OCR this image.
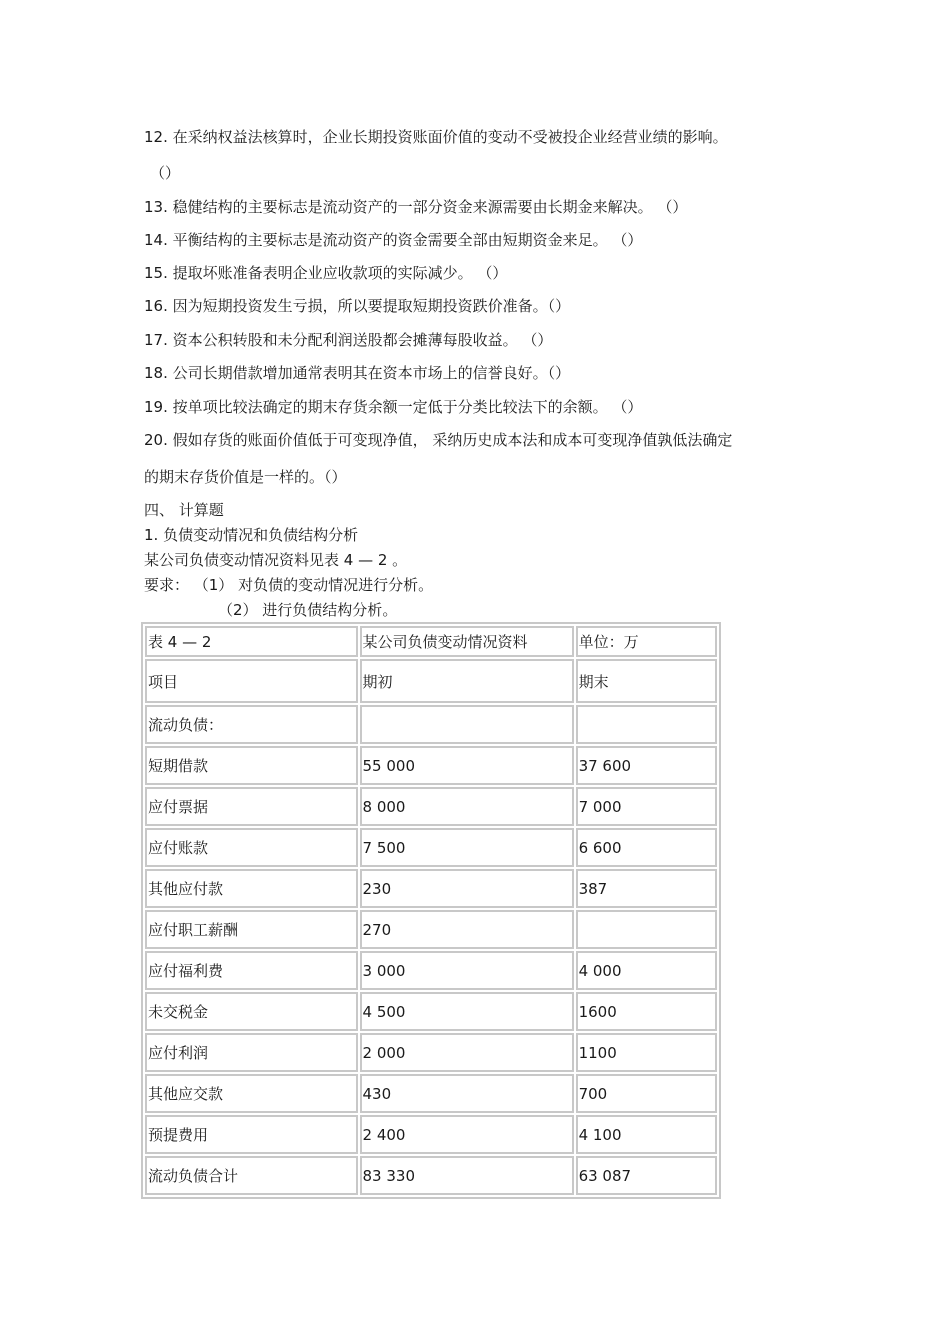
12. 在采纳权益法核算时，企业长期投资账面价值的变动不受被投企业经营业绩的影响。
（）
13. 稳健结构的主要标志是流动资产的一部分资金来源需要由长期金来解决。 （）
14. 平衡结构的主要标志是流动资产的资金需要全部由短期资金来足。 （）
15. 提取坏账准备表明企业应收款项的实际减少。 （）
16. 因为短期投资发生亏损，所以要提取短期投资跌价准备。（）
17. 资本公积转股和未分配利润送股都会摊薄每股收益。 （）
18. 公司长期借款增加通常表明其在资本市场上的信誉良好。（）
19. 按单项比较法确定的期末存货余额一定低于分类比较法下的余额。 （）
20. 假如存货的账面价值低于可变现净值， 采纳历史成本法和成本可变现净值孰低法确定
的期末存货价值是一样的。（）
四、 计算题
1. 负债变动情况和负债结构分析
某公司负债变动情况资料见表 4 — 2 。
要求： （1） 对负债的变动情况进行分析。
（2） 进行负债结构分析。
表 4 — 2	某公司负债变动情况资料	单位：万
项目	期初	期末
流动负债：		
短期借款	55 000	37 600
应付票据	8 000	7 000
应付账款	7 500	6 600
其他应付款	230	387
应付职工薪酬	270	
应付福利费	3 000	4 000
未交税金	4 500	1600
应付利润	2 000	1100
其他应交款	430	700
预提费用	2 400	4 100
流动负债合计	83 330	63 087
